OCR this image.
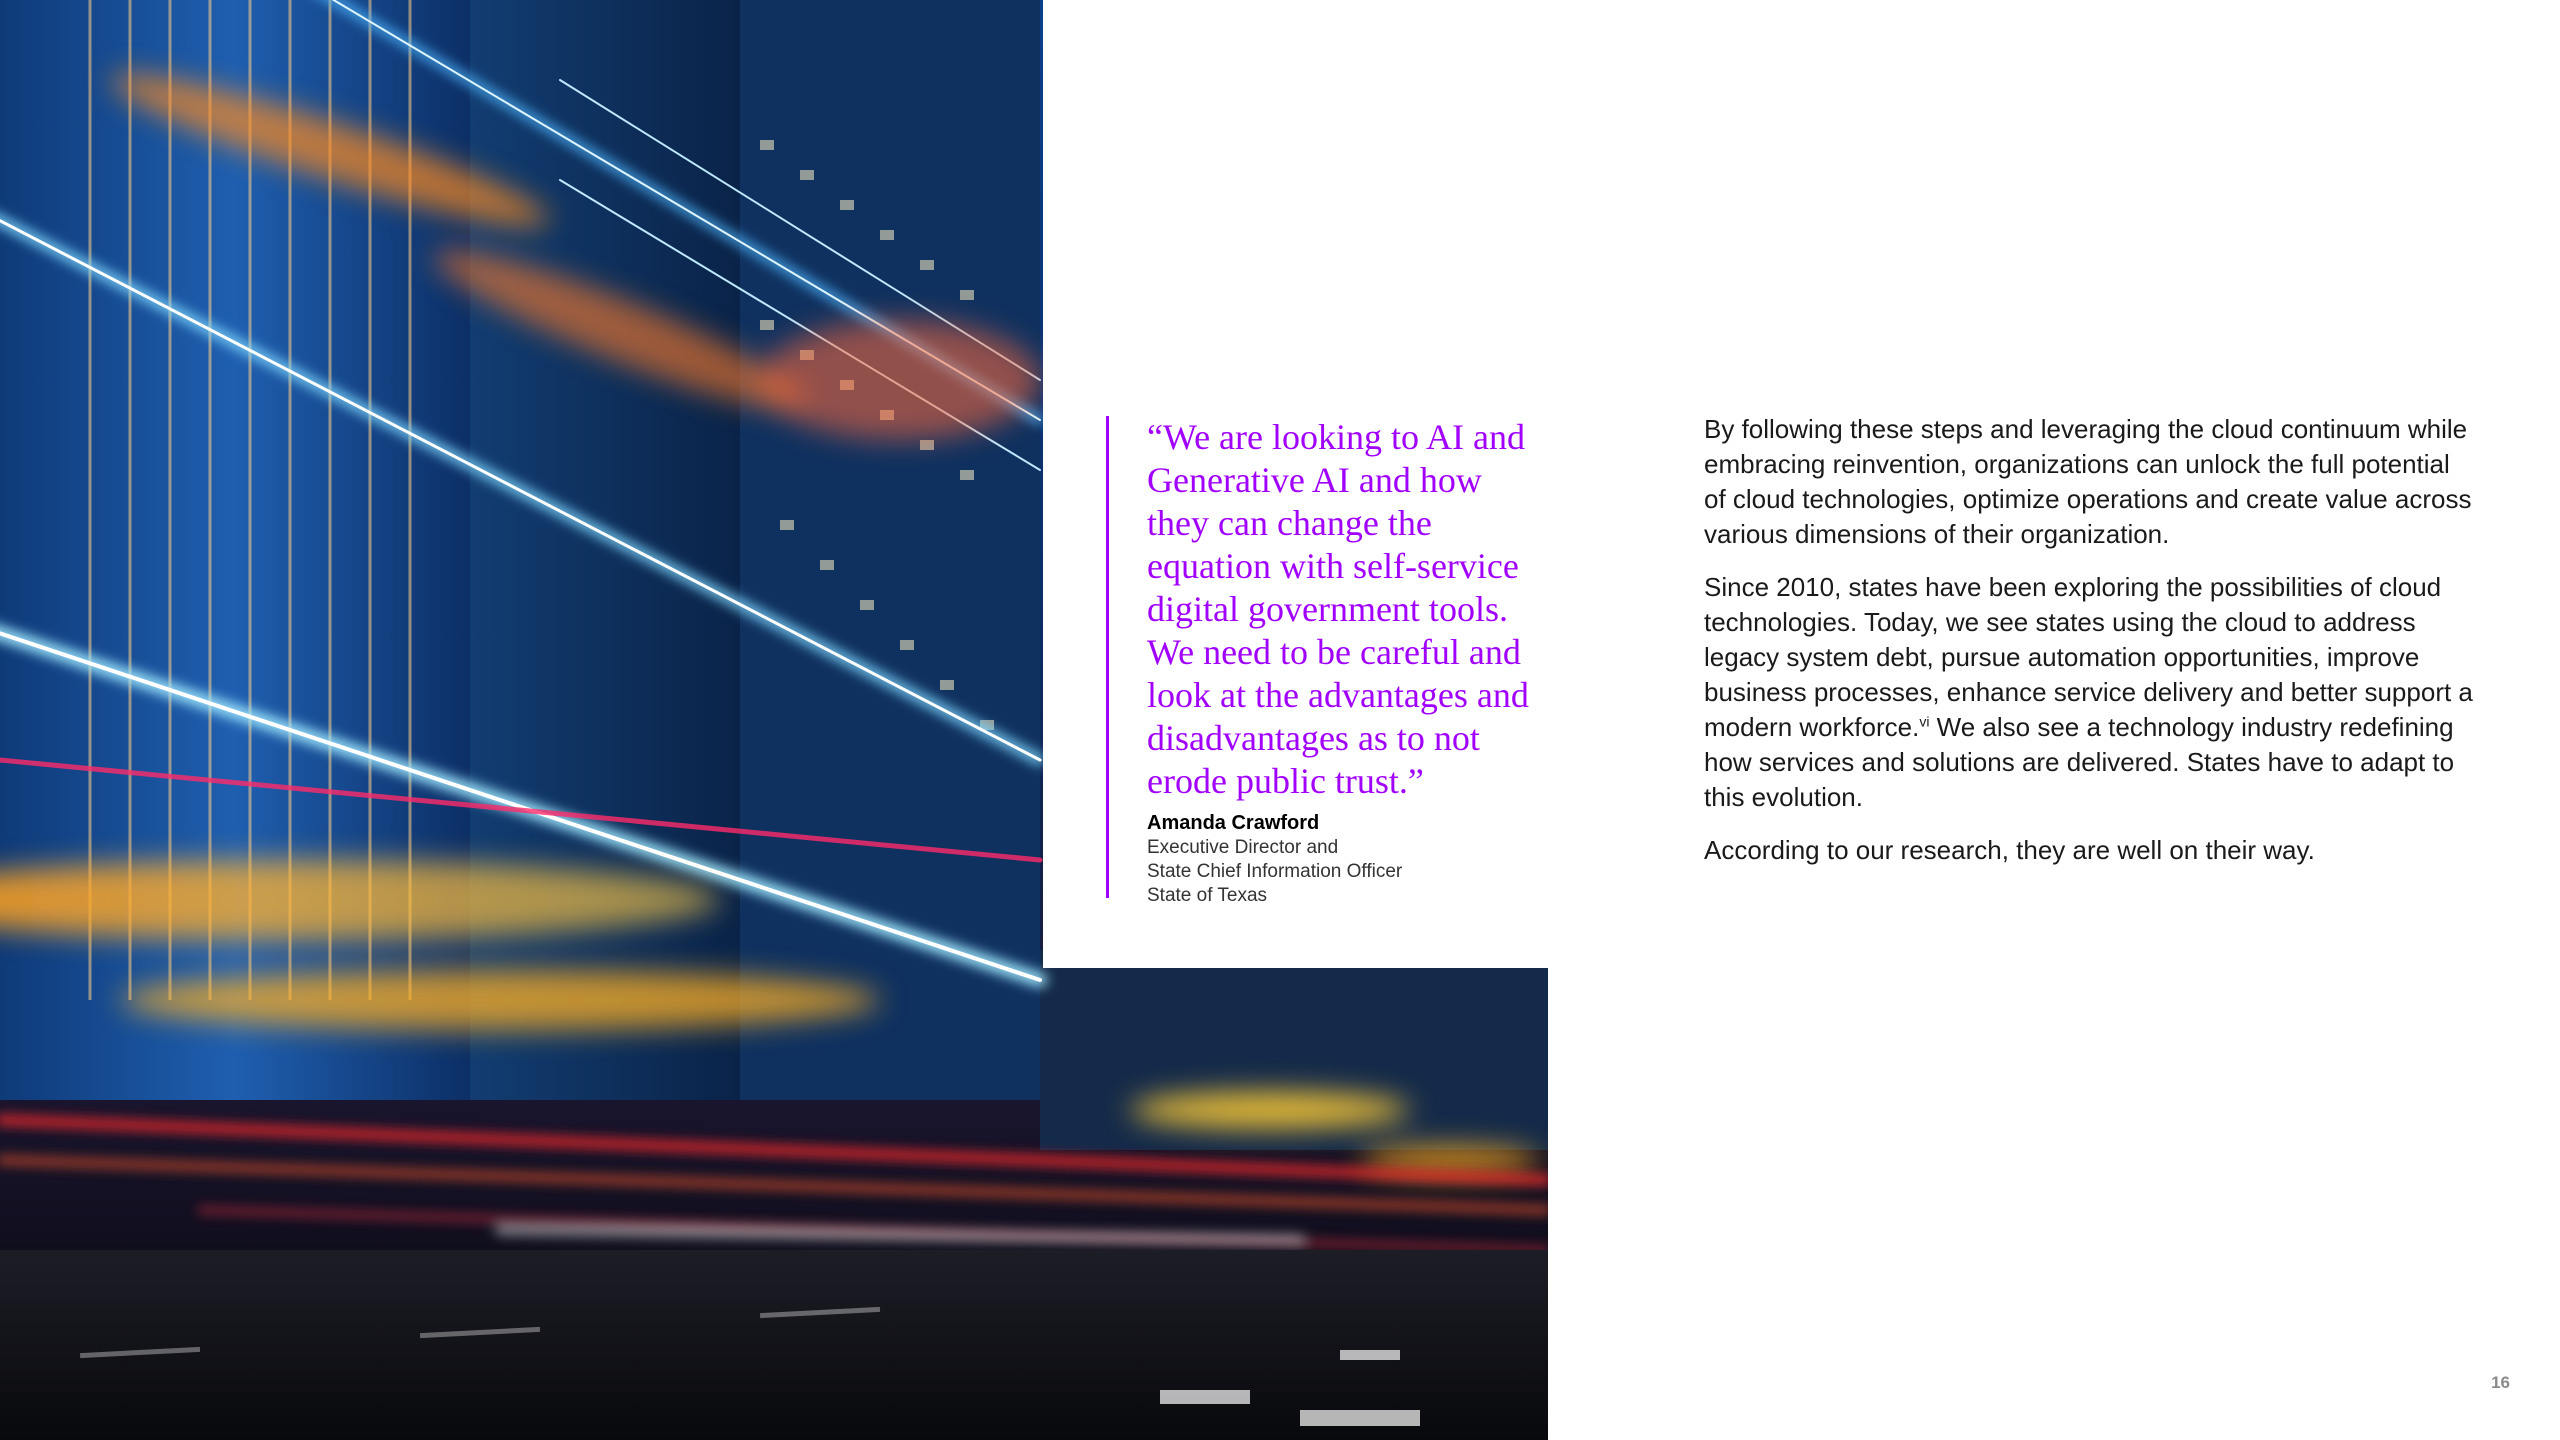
“We are looking to AI and Generative AI and how they can change the equation with self-service digital government tools. We need to be careful and look at the advantages and disadvantages as to not erode public trust.”

Amanda Crawford
Executive Director and
State Chief Information Officer
State of Texas

By following these steps and leveraging the cloud continuum while embracing reinvention, organizations can unlock the full potential of cloud technologies, optimize operations and create value across various dimensions of their organization.

Since 2010, states have been exploring the possibilities of cloud technologies. Today, we see states using the cloud to address legacy system debt, pursue automation opportunities, improve business processes, enhance service delivery and better support a modern workforce.$^{vi}$ We also see a technology industry redefining how services and solutions are delivered. States have to adapt to this evolution.

According to our research, they are well on their way.

16
